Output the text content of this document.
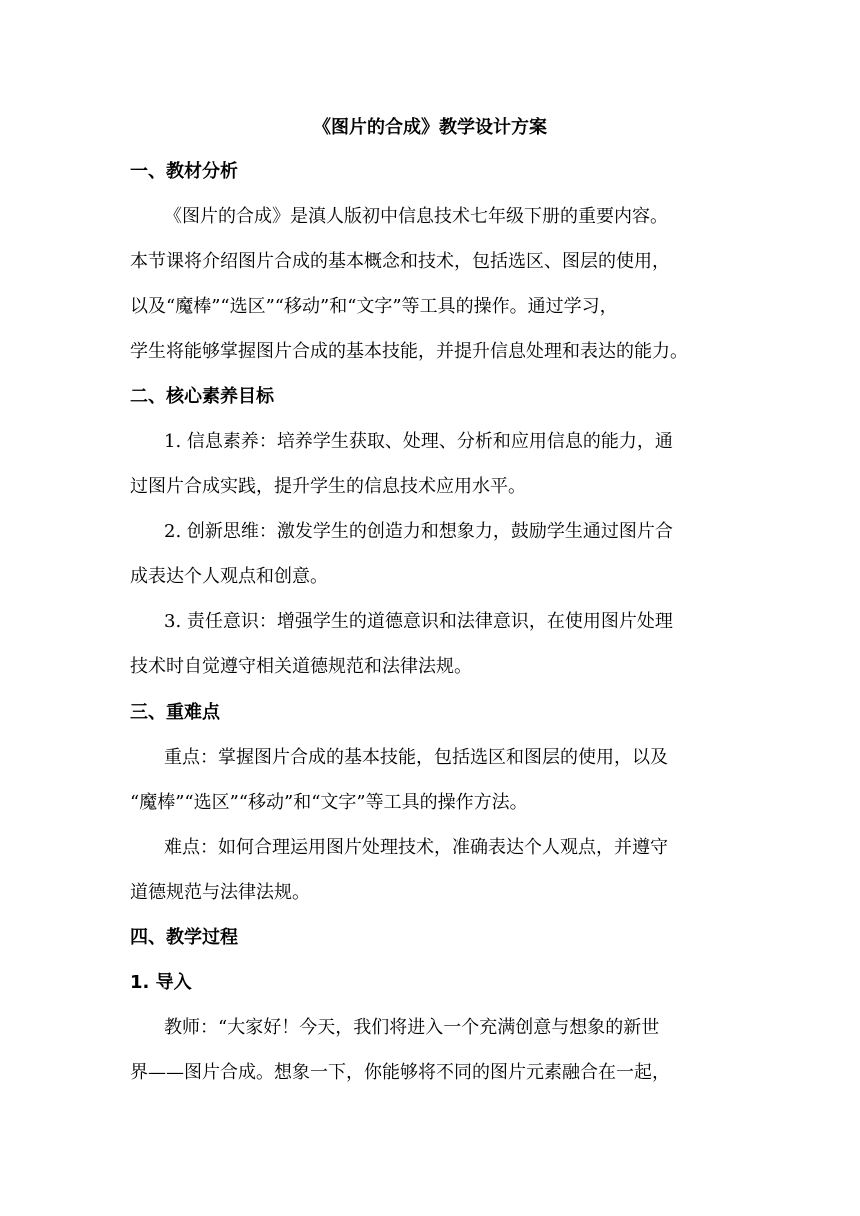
《图片的合成》教学设计方案
一、教材分析
《图片的合成》是滇人版初中信息技术七年级下册的重要内容。
本节课将介绍图片合成的基本概念和技术，包括选区、图层的使用，
以及“魔棒”“选区”“移动”和“文字”等工具的操作。通过学习，
学生将能够掌握图片合成的基本技能，并提升信息处理和表达的能力。
二、核心素养目标
1. 信息素养：培养学生获取、处理、分析和应用信息的能力，通
过图片合成实践，提升学生的信息技术应用水平。
2. 创新思维：激发学生的创造力和想象力，鼓励学生通过图片合
成表达个人观点和创意。
3. 责任意识：增强学生的道德意识和法律意识，在使用图片处理
技术时自觉遵守相关道德规范和法律法规。
三、重难点
重点：掌握图片合成的基本技能，包括选区和图层的使用，以及
“魔棒”“选区”“移动”和“文字”等工具的操作方法。
难点：如何合理运用图片处理技术，准确表达个人观点，并遵守
道德规范与法律法规。
四、教学过程
1. 导入
教师：“大家好！今天，我们将进入一个充满创意与想象的新世
界——图片合成。想象一下，你能够将不同的图片元素融合在一起，
